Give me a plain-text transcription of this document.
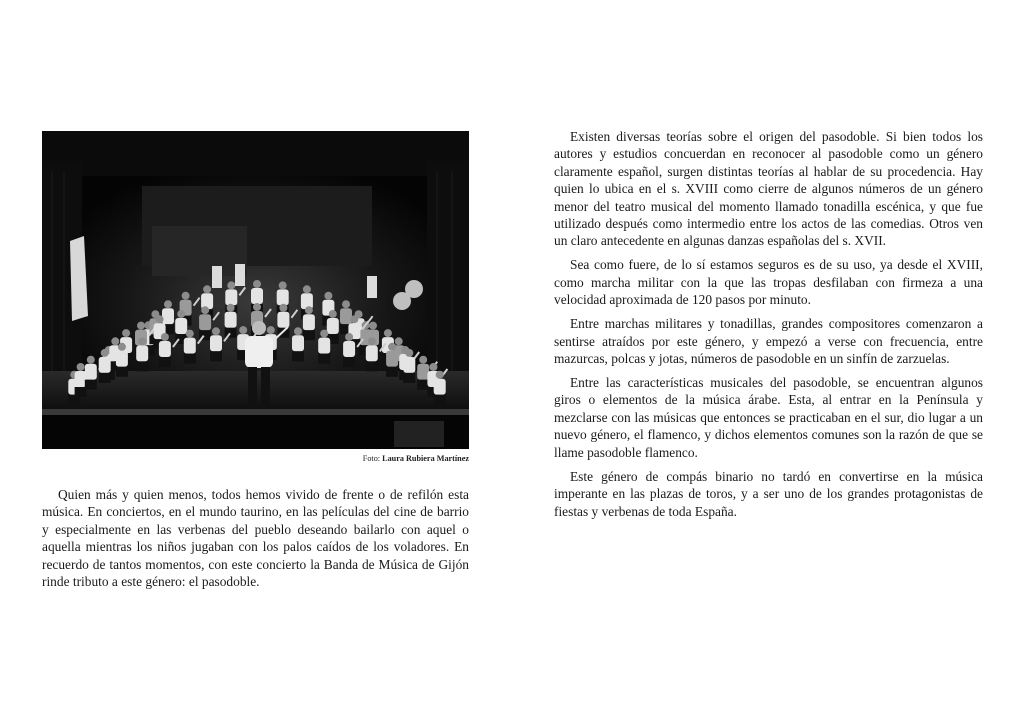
Foto: Laura Rubiera Martínez

Quien más y quien menos, todos hemos vivido de frente o de refilón esta música. En conciertos, en el mundo taurino, en las películas del cine de barrio y especialmente en las verbenas del pueblo deseando bailarlo con aquel o aquella mientras los niños jugaban con los palos caídos de los voladores. En recuerdo de tantos momentos, con este concierto la Banda de Música de Gijón rinde tributo a este género: el pasodoble.

Existen diversas teorías sobre el origen del pasodoble. Si bien todos los autores y estudios concuerdan en reconocer al pasodoble como un género claramente español, surgen distintas teorías al hablar de su procedencia. Hay quien lo ubica en el s. XVIII como cierre de algunos números de un género menor del teatro musical del momento llamado tonadilla escénica, y que fue utilizado después como intermedio entre los actos de las comedias. Otros ven un claro antecedente en algunas danzas españolas del s. XVII.

Sea como fuere, de lo sí estamos seguros es de su uso, ya desde el XVIII, como marcha militar con la que las tropas desfilaban con firmeza a una velocidad aproximada de 120 pasos por minuto.

Entre marchas militares y tonadillas, grandes compositores comenzaron a sentirse atraídos por este género, y empezó a verse con frecuencia, entre mazurcas, polcas y jotas, números de pasodoble en un sinfín de zarzuelas.

Entre las características musicales del pasodoble, se encuentran algunos giros o elementos de la música árabe. Esta, al entrar en la Península y mezclarse con las músicas que entonces se practicaban en el sur, dio lugar a un nuevo género, el flamenco, y dichos elementos comunes son la razón de que se llame pasodoble flamenco.

Este género de compás binario no tardó en convertirse en la música imperante en las plazas de toros, y a ser uno de los grandes protagonistas de fiestas y verbenas de toda España.
